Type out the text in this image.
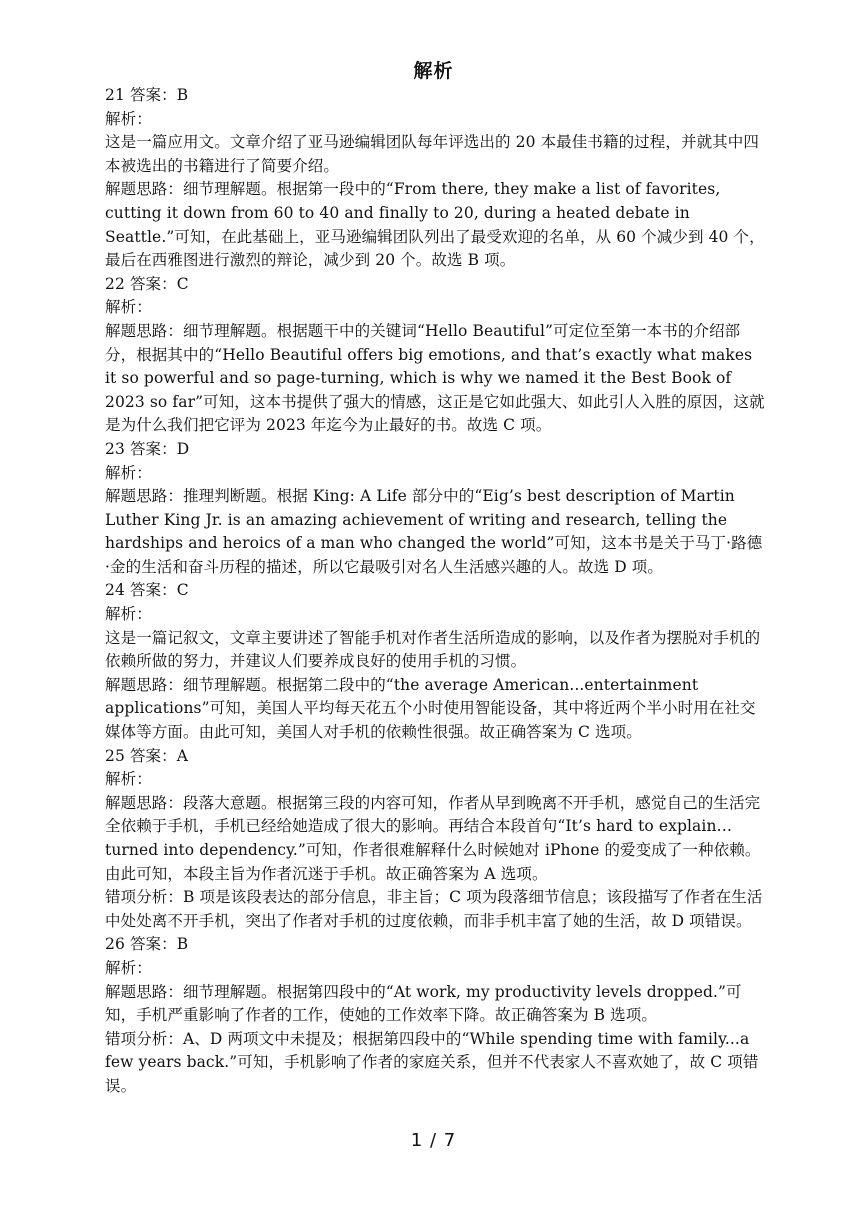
解析

21 答案：B

解析：

这是一篇应用文。文章介绍了亚马逊编辑团队每年评选出的 20 本最佳书籍的过程，并就其中四本被选出的书籍进行了简要介绍。

解题思路：细节理解题。根据第一段中的“From there, they make a list of favorites, cutting it down from 60 to 40 and finally to 20, during a heated debate in Seattle.”可知，在此基础上，亚马逊编辑团队列出了最受欢迎的名单，从 60 个减少到 40 个，最后在西雅图进行激烈的辩论，减少到 20 个。故选 B 项。

22 答案：C

解析：

解题思路：细节理解题。根据题干中的关键词“Hello Beautiful”可定位至第一本书的介绍部分，根据其中的“Hello Beautiful offers big emotions, and that’s exactly what makes it so powerful and so page-turning, which is why we named it the Best Book of 2023 so far”可知，这本书提供了强大的情感，这正是它如此强大、如此引人入胜的原因，这就是为什么我们把它评为 2023 年迄今为止最好的书。故选 C 项。

23 答案：D

解析：

解题思路：推理判断题。根据 King: A Life 部分中的“Eig’s best description of Martin Luther King Jr. is an amazing achievement of writing and research, telling the hardships and heroics of a man who changed the world”可知，这本书是关于马丁·路德·金的生活和奋斗历程的描述，所以它最吸引对名人生活感兴趣的人。故选 D 项。

24 答案：C

解析：

这是一篇记叙文，文章主要讲述了智能手机对作者生活所造成的影响，以及作者为摆脱对手机的依赖所做的努力，并建议人们要养成良好的使用手机的习惯。

解题思路：细节理解题。根据第二段中的“the average American...entertainment applications”可知，美国人平均每天花五个小时使用智能设备，其中将近两个半小时用在社交媒体等方面。由此可知，美国人对手机的依赖性很强。故正确答案为 C 选项。

25 答案：A

解析：

解题思路：段落大意题。根据第三段的内容可知，作者从早到晚离不开手机，感觉自己的生活完全依赖于手机，手机已经给她造成了很大的影响。再结合本段首句“It’s hard to explain…turned into dependency.”可知，作者很难解释什么时候她对 iPhone 的爱变成了一种依赖。由此可知，本段主旨为作者沉迷于手机。故正确答案为 A 选项。

错项分析：B 项是该段表达的部分信息，非主旨；C 项为段落细节信息；该段描写了作者在生活中处处离不开手机，突出了作者对手机的过度依赖，而非手机丰富了她的生活，故 D 项错误。

26 答案：B

解析：

解题思路：细节理解题。根据第四段中的“At work, my productivity levels dropped.”可知，手机严重影响了作者的工作，使她的工作效率下降。故正确答案为 B 选项。

错项分析：A、D 两项文中未提及；根据第四段中的“While spending time with family...a few years back.”可知，手机影响了作者的家庭关系，但并不代表家人不喜欢她了，故 C 项错误。

1 / 7
